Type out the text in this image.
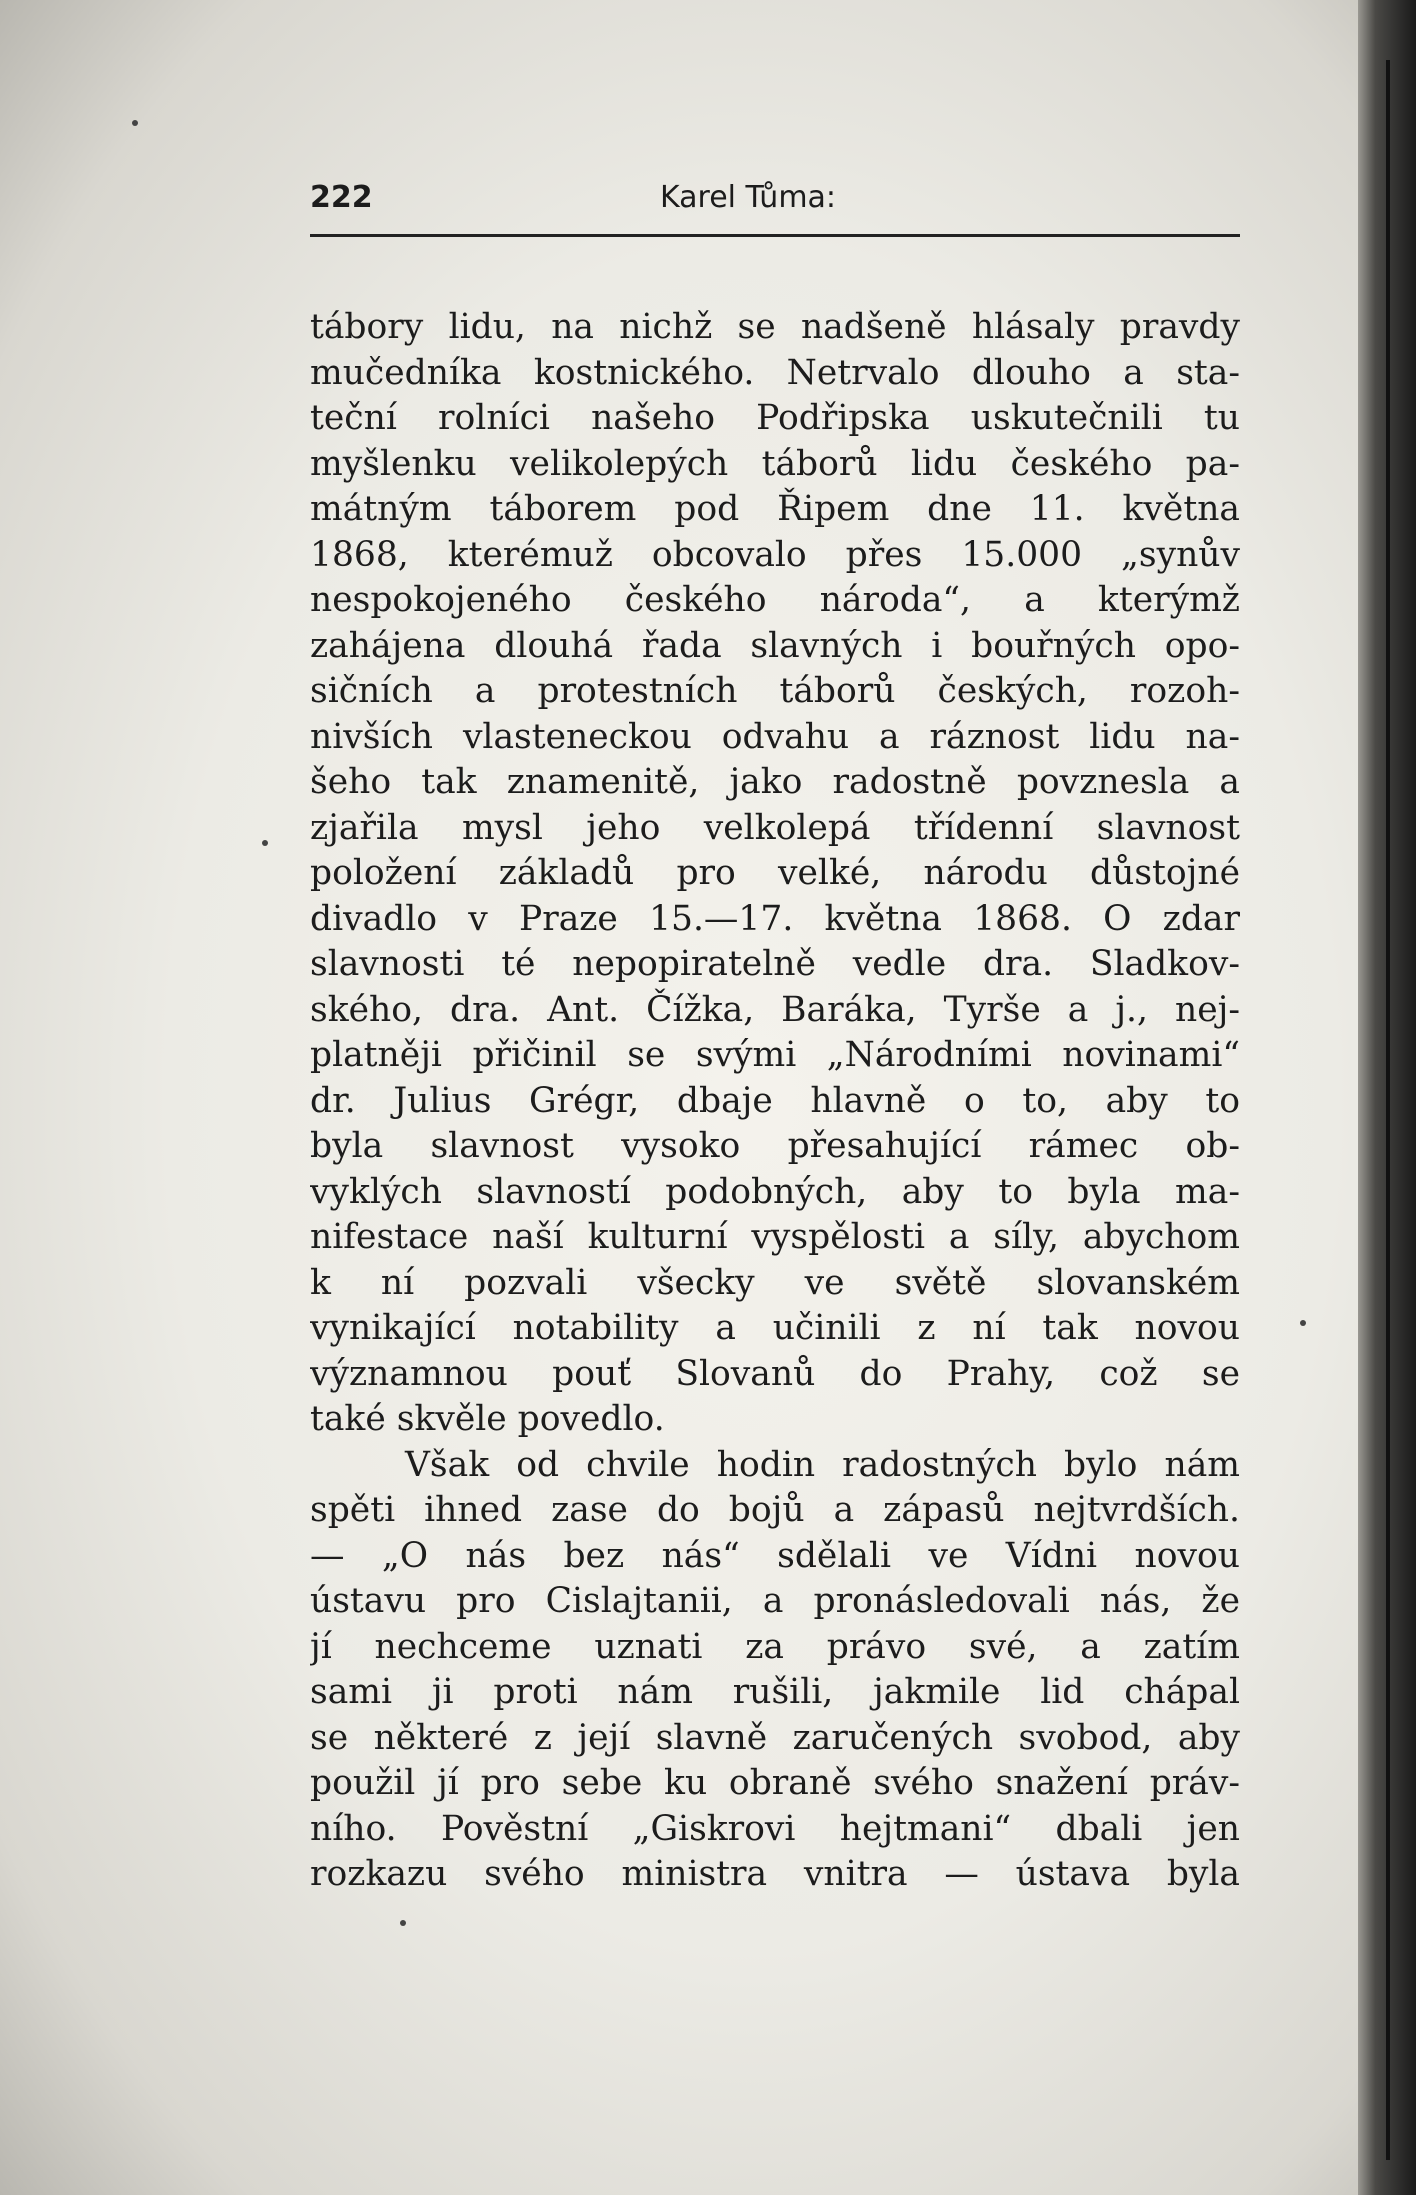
222	Karel Tůma:
tábory lidu, na nichž se nadšeně hlásaly pravdy
mučedníka kostnického. Netrvalo dlouho a sta-
teční rolníci našeho Podřipska uskutečnili tu
myšlenku velikolepých táborů lidu českého pa-
mátným táborem pod Řipem dne 11. května
1868, kterémuž obcovalo přes 15.000 „synův
nespokojeného českého národa“, a kterýmž
zahájena dlouhá řada slavných i bouřných opo-
sičních a protestních táborů českých, rozoh-
nivších vlasteneckou odvahu a ráznost lidu na-
šeho tak znamenitě, jako radostně povznesla a
zjařila mysl jeho velkolepá třídenní slavnost
položení základů pro velké, národu důstojné
divadlo v Praze 15.—17. května 1868. O zdar
slavnosti té nepopiratelně vedle dra. Sladkov-
ského, dra. Ant. Čížka, Baráka, Tyrše a j., nej-
platněji přičinil se svými „Národními novinami“
dr. Julius Grégr, dbaje hlavně o to, aby to
byla slavnost vysoko přesahující rámec ob-
vyklých slavností podobných, aby to byla ma-
nifestace naší kulturní vyspělosti a síly, abychom
k ní pozvali všecky ve světě slovanském
vynikající notability a učinili z ní tak novou
významnou pouť Slovanů do Prahy, což se
také skvěle povedlo.
Však od chvile hodin radostných bylo nám
spěti ihned zase do bojů a zápasů nejtvrdších.
— „O nás bez nás“ sdělali ve Vídni novou
ústavu pro Cislajtanii, a pronásledovali nás, že
jí nechceme uznati za právo své, a zatím
sami ji proti nám rušili, jakmile lid chápal
se některé z její slavně zaručených svobod, aby
použil jí pro sebe ku obraně svého snažení práv-
ního. Pověstní „Giskrovi hejtmani“ dbali jen
rozkazu svého ministra vnitra — ústava byla
